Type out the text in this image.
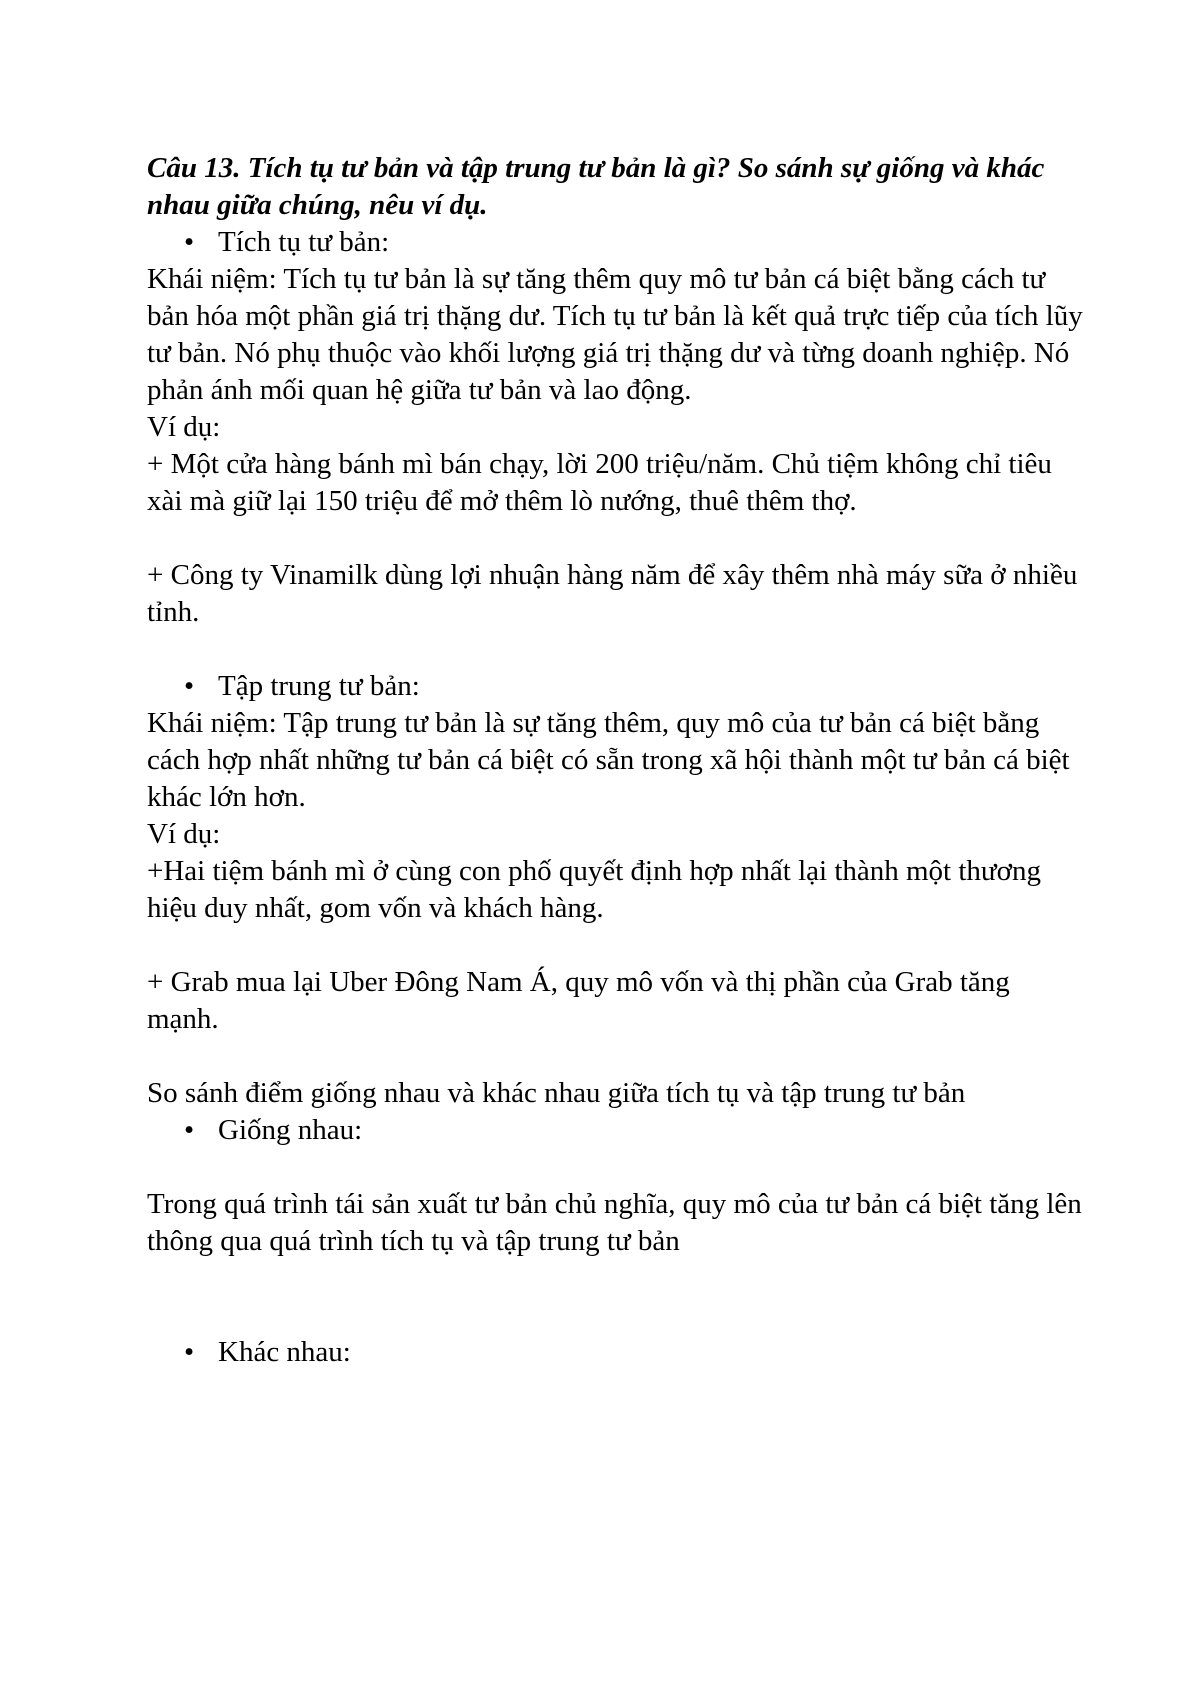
Câu 13. Tích tụ tư bản và tập trung tư bản là gì? So sánh sự giống và khác nhau giữa chúng, nêu ví dụ.

• Tích tụ tư bản:

Khái niệm: Tích tụ tư bản là sự tăng thêm quy mô tư bản cá biệt bằng cách tư bản hóa một phần giá trị thặng dư. Tích tụ tư bản là kết quả trực tiếp của tích lũy tư bản. Nó phụ thuộc vào khối lượng giá trị thặng dư và từng doanh nghiệp. Nó phản ánh mối quan hệ giữa tư bản và lao động.

Ví dụ:

+ Một cửa hàng bánh mì bán chạy, lời 200 triệu/năm. Chủ tiệm không chỉ tiêu xài mà giữ lại 150 triệu để mở thêm lò nướng, thuê thêm thợ.

+ Công ty Vinamilk dùng lợi nhuận hàng năm để xây thêm nhà máy sữa ở nhiều tỉnh.

• Tập trung tư bản:

Khái niệm: Tập trung tư bản là sự tăng thêm, quy mô của tư bản cá biệt bằng cách hợp nhất những tư bản cá biệt có sẵn trong xã hội thành một tư bản cá biệt khác lớn hơn.

Ví dụ:

+Hai tiệm bánh mì ở cùng con phố quyết định hợp nhất lại thành một thương hiệu duy nhất, gom vốn và khách hàng.

+ Grab mua lại Uber Đông Nam Á, quy mô vốn và thị phần của Grab tăng mạnh.

So sánh điểm giống nhau và khác nhau giữa tích tụ và tập trung tư bản

• Giống nhau:

Trong quá trình tái sản xuất tư bản chủ nghĩa, quy mô của tư bản cá biệt tăng lên thông qua quá trình tích tụ và tập trung tư bản

• Khác nhau:
